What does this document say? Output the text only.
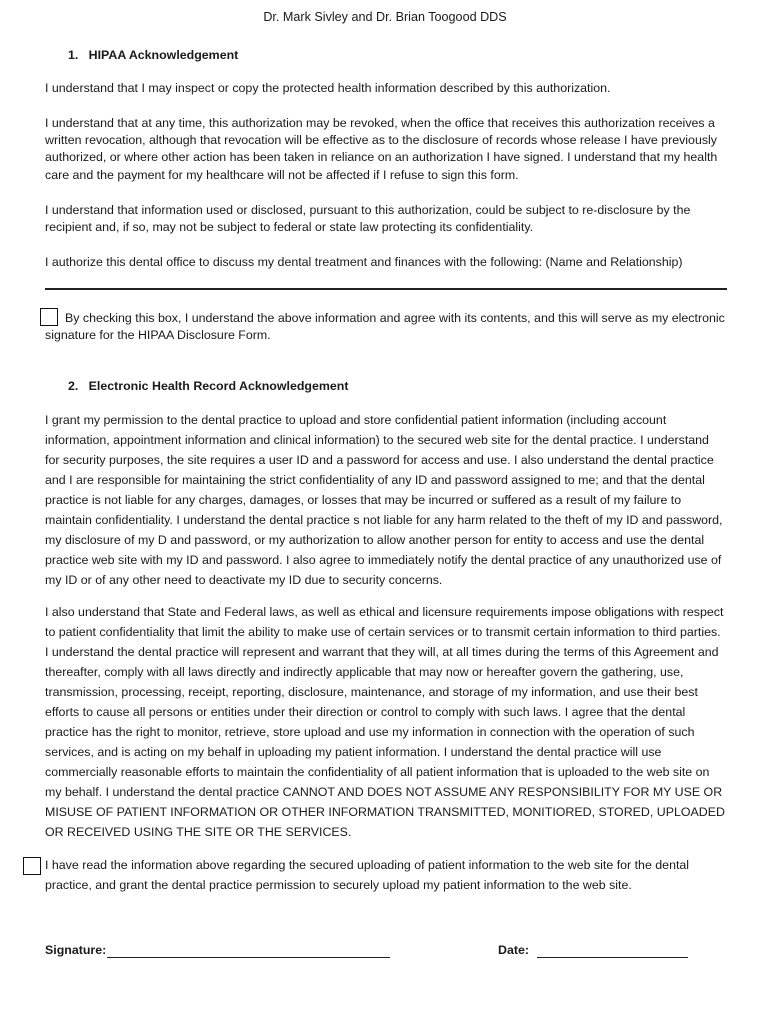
Dr. Mark Sivley and Dr. Brian Toogood DDS
1.   HIPAA Acknowledgement
I understand that I may inspect or copy the protected health information described by this authorization.
I understand that at any time, this authorization may be revoked, when the office that receives this authorization receives a written revocation, although that revocation will be effective as to the disclosure of records whose release I have previously authorized, or where other action has been taken in reliance on an authorization I have signed. I understand that my health care and the payment for my healthcare will not be affected if I refuse to sign this form.
I understand that information used or disclosed, pursuant to this authorization, could be subject to re-disclosure by the recipient and, if so, may not be subject to federal or state law protecting its confidentiality.
I authorize this dental office to discuss my dental treatment and finances with the following: (Name and Relationship)
By checking this box, I understand the above information and agree with its contents, and this will serve as my electronic signature for the HIPAA Disclosure Form.
2.   Electronic Health Record Acknowledgement
I grant my permission to the dental practice to upload and store confidential patient information (including account information, appointment information and clinical information) to the secured web site for the dental practice. I understand for security purposes, the site requires a user ID and a password for access and use. I also understand the dental practice and I are responsible for maintaining the strict confidentiality of any ID and password assigned to me; and that the dental practice is not liable for any charges, damages, or losses that may be incurred or suffered as a result of my failure to maintain confidentiality. I understand the dental practice s not liable for any harm related to the theft of my ID and password, my disclosure of my D and password, or my authorization to allow another person for entity to access and use the dental practice web site with my ID and password. I also agree to immediately notify the dental practice of any unauthorized use of my ID or of any other need to deactivate my ID due to security concerns.
I also understand that State and Federal laws, as well as ethical and licensure requirements impose obligations with respect to patient confidentiality that limit the ability to make use of certain services or to transmit certain information to third parties. I understand the dental practice will represent and warrant that they will, at all times during the terms of this Agreement and thereafter, comply with all laws directly and indirectly applicable that may now or hereafter govern the gathering, use, transmission, processing, receipt, reporting, disclosure, maintenance, and storage of my information, and use their best efforts to cause all persons or entities under their direction or control to comply with such laws. I agree that the dental practice has the right to monitor, retrieve, store upload and use my information in connection with the operation of such services, and is acting on my behalf in uploading my patient information. I understand the dental practice will use commercially reasonable efforts to maintain the confidentiality of all patient information that is uploaded to the web site on my behalf. I understand the dental practice CANNOT AND DOES NOT ASSUME ANY RESPONSIBILITY FOR MY USE OR MISUSE OF PATIENT INFORMATION OR OTHER INFORMATION TRANSMITTED, MONITIORED, STORED, UPLOADED OR RECEIVED USING THE SITE OR THE SERVICES.
I have read the information above regarding the secured uploading of patient information to the web site for the dental practice, and grant the dental practice permission to securely upload my patient information to the web site.
Signature:	Date:
